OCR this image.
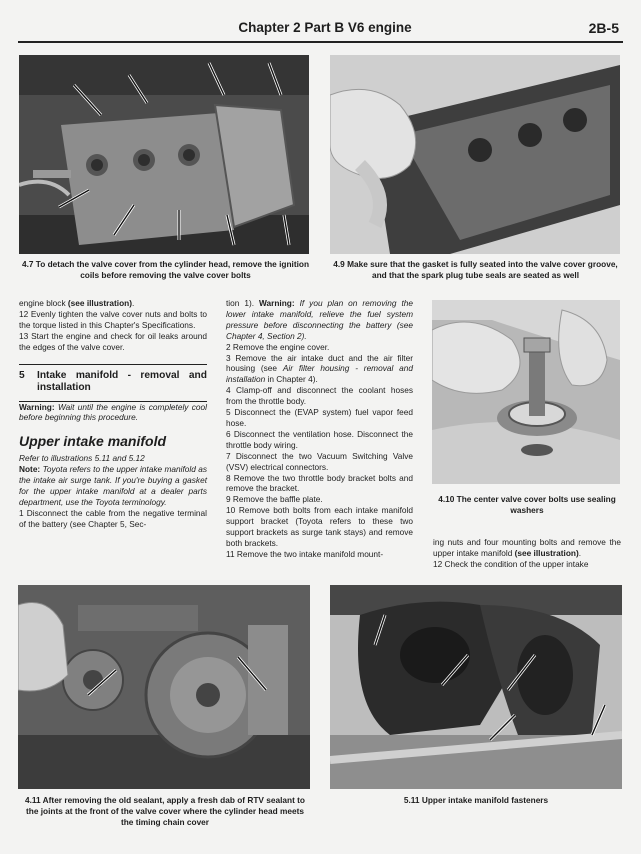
Chapter 2 Part B V6 engine	2B-5
4.7 To detach the valve cover from the cylinder head, remove the ignition coils before removing the valve cover bolts
4.9 Make sure that the gasket is fully seated into the valve cover groove, and that the spark plug tube seals are seated as well

engine block (see illustration).

12 Evenly tighten the valve cover nuts and bolts to the torque listed in this Chapter's Specifications.

13 Start the engine and check for oil leaks around the edges of the valve cover.

5	Intake manifold - removal and installation

Warning: Wait until the engine is completely cool before beginning this procedure.

Upper intake manifold

Refer to illustrations 5.11 and 5.12

Note: Toyota refers to the upper intake manifold as the intake air surge tank. If you're buying a gasket for the upper intake manifold at a dealer parts department, use the Toyota terminology.

1 Disconnect the cable from the negative terminal of the battery (see Chapter 5, Sec-

tion 1). Warning: If you plan on removing the lower intake manifold, relieve the fuel system pressure before disconnecting the battery (see Chapter 4, Section 2).

2 Remove the engine cover.

3 Remove the air intake duct and the air filter housing (see Air filter housing - removal and installation in Chapter 4).

4 Clamp-off and disconnect the coolant hoses from the throttle body.

5 Disconnect the (EVAP system) fuel vapor feed hose.

6 Disconnect the ventilation hose. Disconnect the throttle body wiring.

7 Disconnect the two Vacuum Switching Valve (VSV) electrical connectors.

8 Remove the two throttle body bracket bolts and remove the bracket.

9 Remove the baffle plate.

10 Remove both bolts from each intake manifold support bracket (Toyota refers to these two support brackets as surge tank stays) and remove both brackets.

11 Remove the two intake manifold mount-

4.10 The center valve cover bolts use sealing washers

ing nuts and four mounting bolts and remove the upper intake manifold (see illustration).

12 Check the condition of the upper intake

4.11 After removing the old sealant, apply a fresh dab of RTV sealant to the joints at the front of the valve cover where the cylinder head meets the timing chain cover
5.11 Upper intake manifold fasteners
